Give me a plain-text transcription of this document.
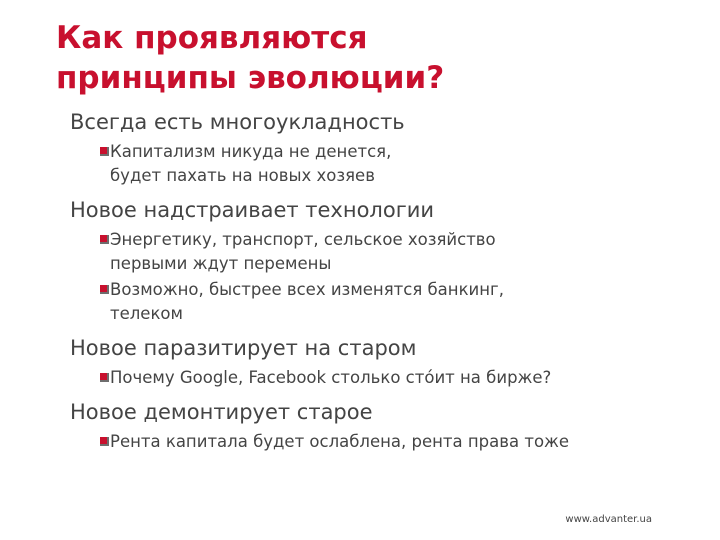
Как проявляются
принципы эволюции?
Всегда есть многоукладность
Капитализм никуда не денется,
будет пахать на новых хозяев
Новое надстраивает технологии
Энергетику, транспорт, сельское хозяйство
первыми ждут перемены
Возможно, быстрее всех изменятся банкинг,
телеком
Новое паразитирует на старом
Почему Google, Facebook столько стóит на бирже?
Новое демонтирует старое
Рента капитала будет ослаблена, рента права тоже
www.advanter.ua
